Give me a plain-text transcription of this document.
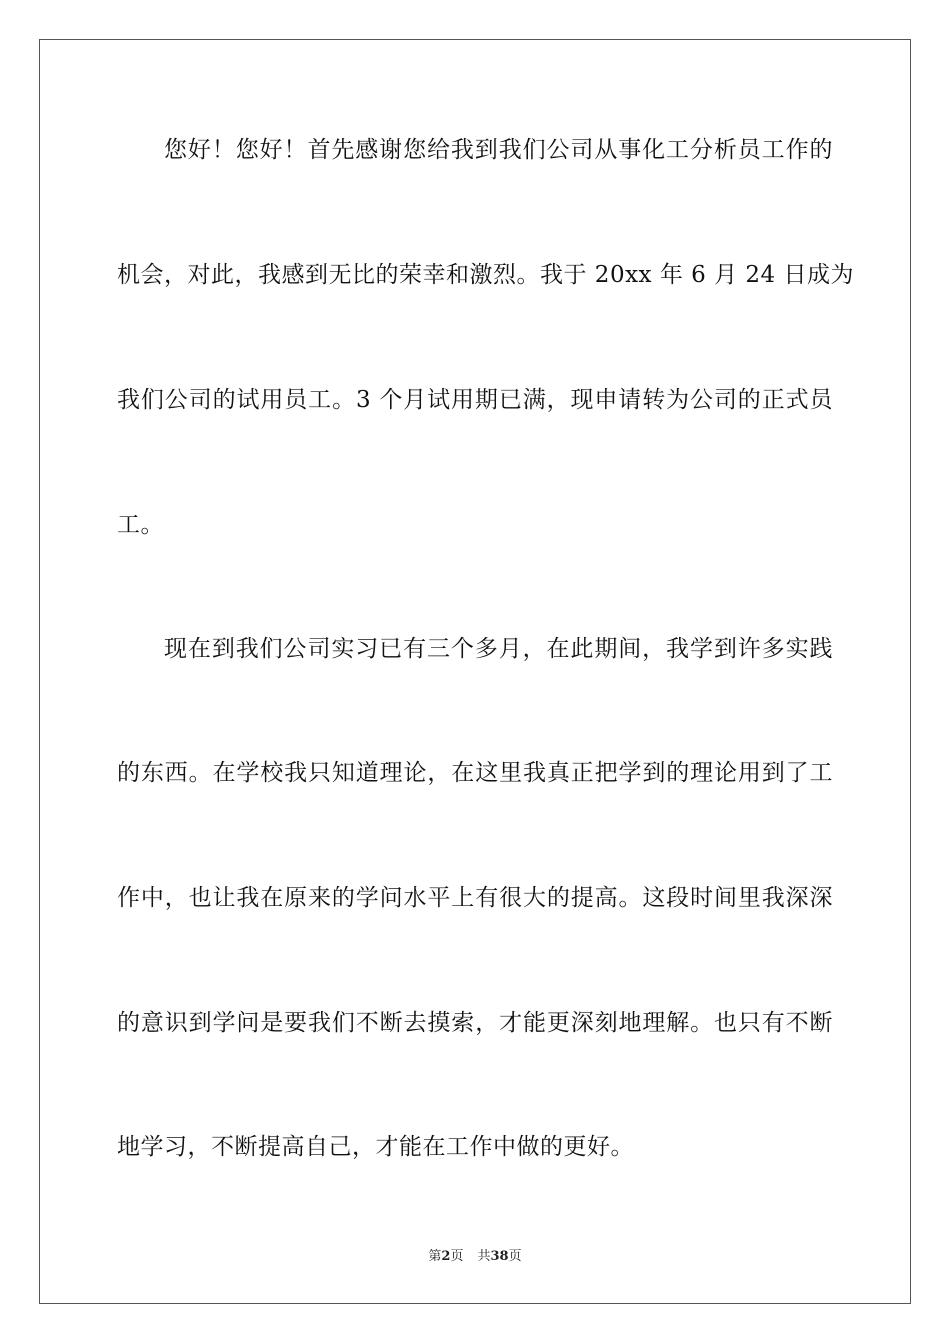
您好！您好！首先感谢您给我到我们公司从事化工分析员工作的
机会，对此，我感到无比的荣幸和激烈。我于 20xx 年 6 月 24 日成为
我们公司的试用员工。3 个月试用期已满，现申请转为公司的正式员
工。
现在到我们公司实习已有三个多月，在此期间，我学到许多实践
的东西。在学校我只知道理论，在这里我真正把学到的理论用到了工
作中，也让我在原来的学问水平上有很大的提高。这段时间里我深深
的意识到学问是要我们不断去摸索，才能更深刻地理解。也只有不断
地学习，不断提高自己，才能在工作中做的更好。
第2页 共38页
